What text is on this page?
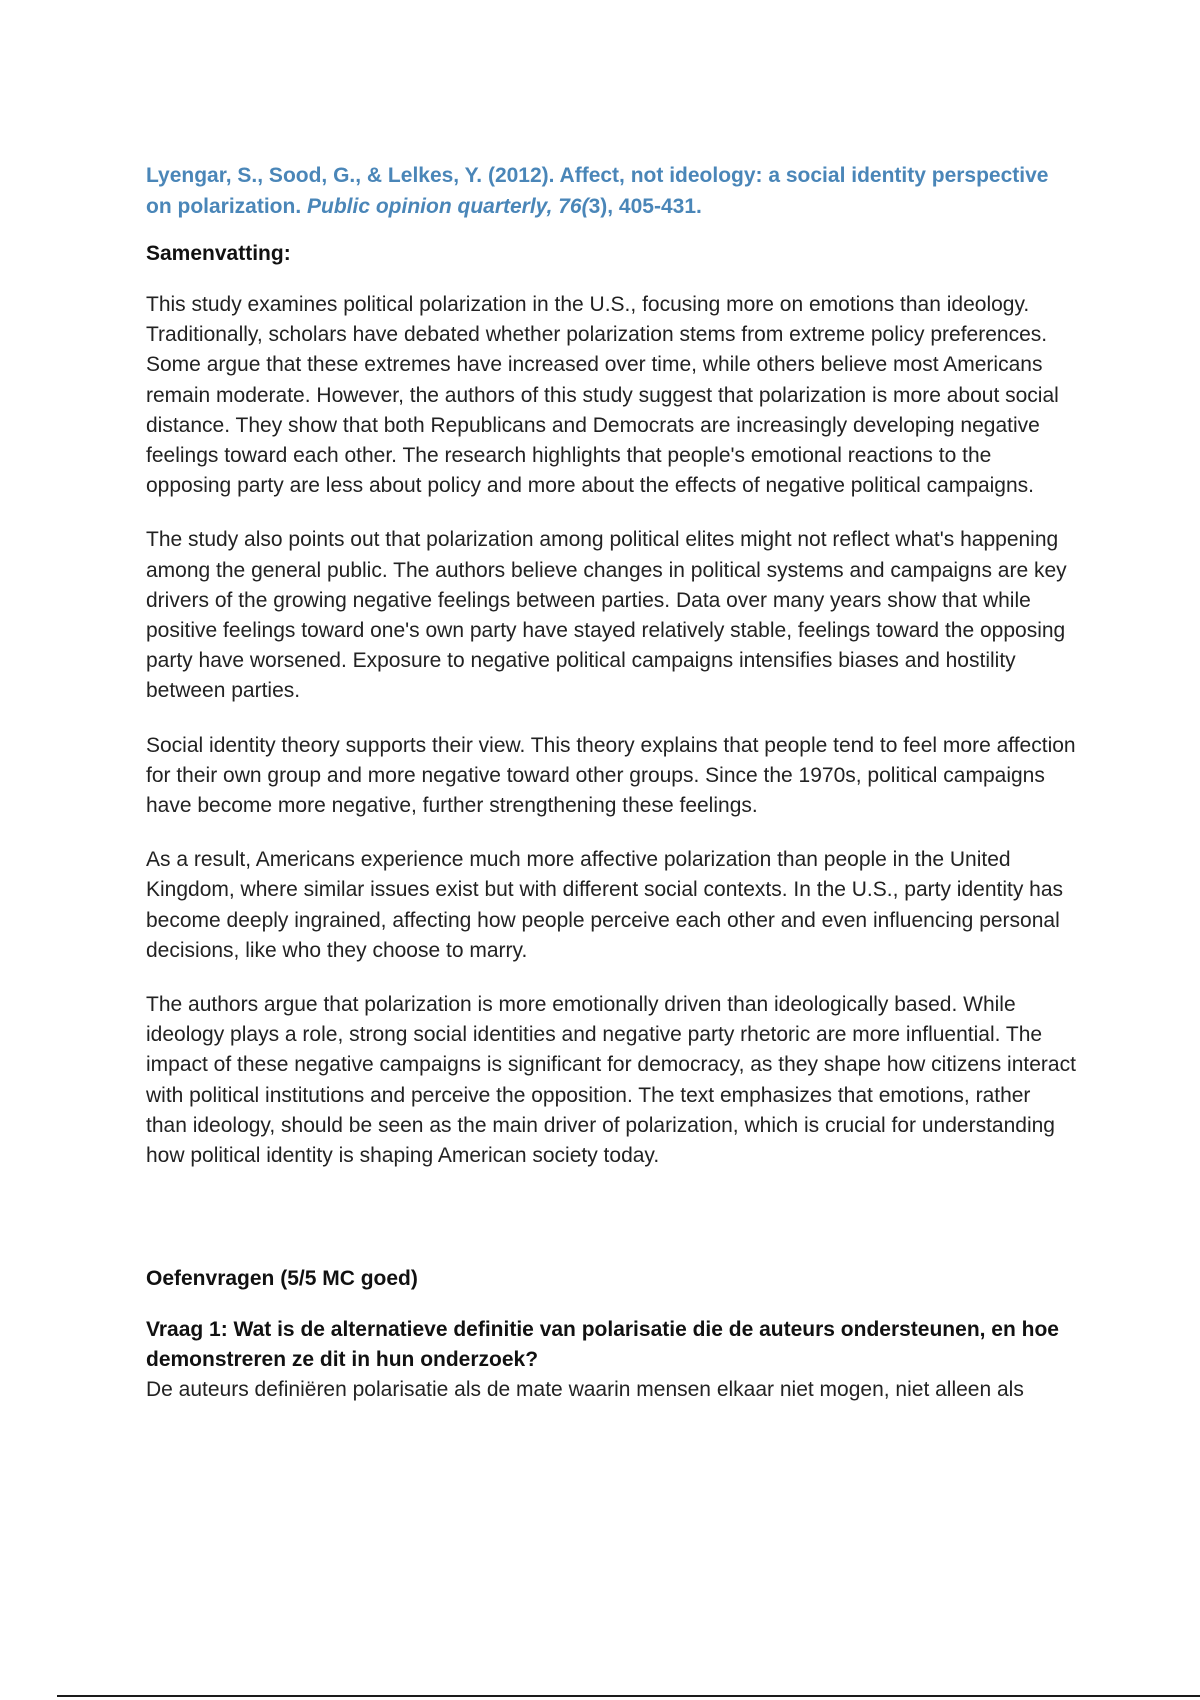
Lyengar, S., Sood, G., & Lelkes, Y. (2012). Affect, not ideology: a social identity perspective on polarization. Public opinion quarterly, 76(3), 405-431.

Samenvatting:

This study examines political polarization in the U.S., focusing more on emotions than ideology. Traditionally, scholars have debated whether polarization stems from extreme policy preferences. Some argue that these extremes have increased over time, while others believe most Americans remain moderate. However, the authors of this study suggest that polarization is more about social distance. They show that both Republicans and Democrats are increasingly developing negative feelings toward each other. The research highlights that people's emotional reactions to the opposing party are less about policy and more about the effects of negative political campaigns.

The study also points out that polarization among political elites might not reflect what's happening among the general public. The authors believe changes in political systems and campaigns are key drivers of the growing negative feelings between parties. Data over many years show that while positive feelings toward one's own party have stayed relatively stable, feelings toward the opposing party have worsened. Exposure to negative political campaigns intensifies biases and hostility between parties.

Social identity theory supports their view. This theory explains that people tend to feel more affection for their own group and more negative toward other groups. Since the 1970s, political campaigns have become more negative, further strengthening these feelings.

As a result, Americans experience much more affective polarization than people in the United Kingdom, where similar issues exist but with different social contexts. In the U.S., party identity has become deeply ingrained, affecting how people perceive each other and even influencing personal decisions, like who they choose to marry.

The authors argue that polarization is more emotionally driven than ideologically based. While ideology plays a role, strong social identities and negative party rhetoric are more influential. The impact of these negative campaigns is significant for democracy, as they shape how citizens interact with political institutions and perceive the opposition. The text emphasizes that emotions, rather than ideology, should be seen as the main driver of polarization, which is crucial for understanding how political identity is shaping American society today.

Oefenvragen (5/5 MC goed)

Vraag 1: Wat is de alternatieve definitie van polarisatie die de auteurs ondersteunen, en hoe demonstreren ze dit in hun onderzoek?

De auteurs definiëren polarisatie als de mate waarin mensen elkaar niet mogen, niet alleen als
